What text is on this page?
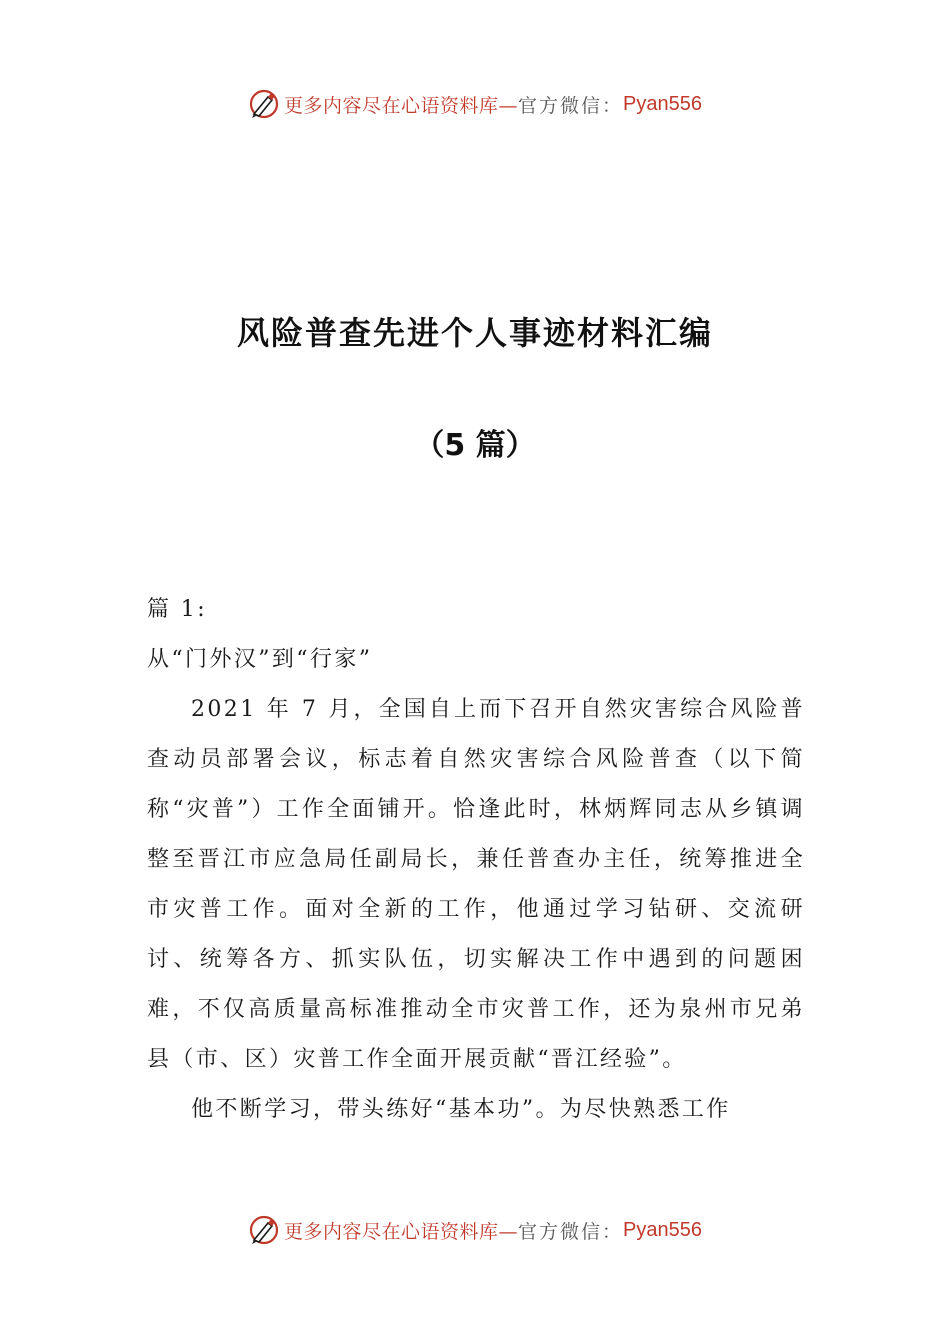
更多内容尽在心语资料库— 官方微信： Pyan556
风险普查先进个人事迹材料汇编
（5 篇）

篇 1:

从“门外汉”到“行家”

2021 年 7 月，全国自上而下召开自然灾害综合风险普查动员部署会议，标志着自然灾害综合风险普查（以下简称“灾普”）工作全面铺开。恰逢此时，林炳辉同志从乡镇调整至晋江市应急局任副局长，兼任普查办主任，统筹推进全市灾普工作。面对全新的工作，他通过学习钻研、交流研讨、统筹各方、抓实队伍，切实解决工作中遇到的问题困难，不仅高质量高标准推动全市灾普工作，还为泉州市兄弟县（市、区）灾普工作全面开展贡献“晋江经验”。

他不断学习，带头练好“基本功”。为尽快熟悉工作

更多内容尽在心语资料库— 官方微信： Pyan556
